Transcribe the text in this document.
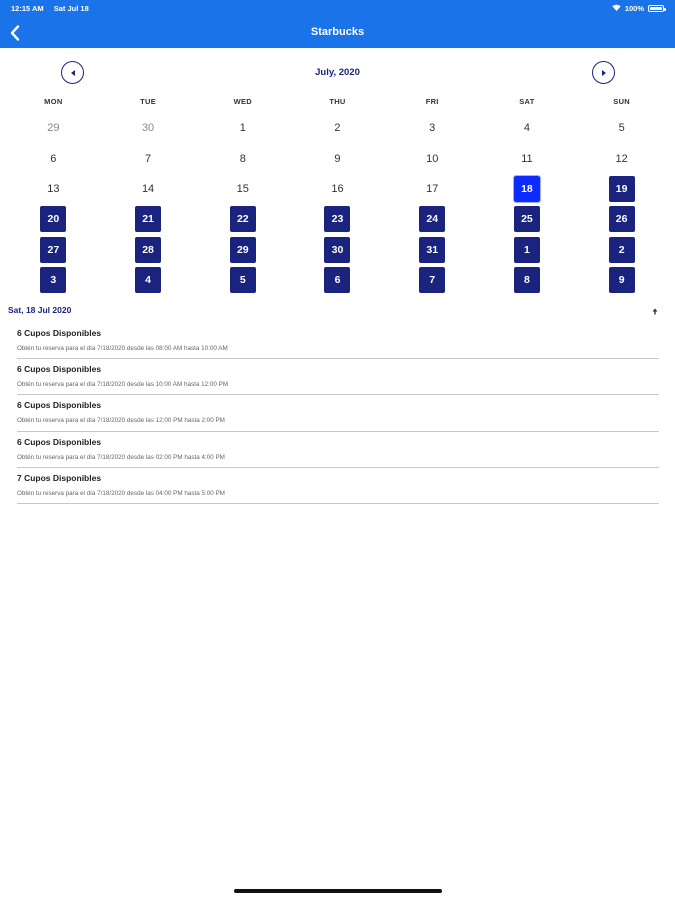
12:15 AM Sat Jul 18	100%
Starbucks
July, 2020
MON	TUE	WED	THU	FRI	SAT	SUN
29	30	1	2	3	4	5
6	7	8	9	10	11	12
13	14	15	16	17	18	19
20	21	22	23	24	25	26
27	28	29	30	31	1	2
3	4	5	6	7	8	9
Sat, 18 Jul 2020
6 Cupos Disponibles
Obtén tu reserva para el día 7/18/2020 desde las 08:00 AM hasta 10:00 AM
6 Cupos Disponibles
Obtén tu reserva para el día 7/18/2020 desde las 10:00 AM hasta 12:00 PM
6 Cupos Disponibles
Obtén tu reserva para el día 7/18/2020 desde las 12:00 PM hasta 2:00 PM
6 Cupos Disponibles
Obtén tu reserva para el día 7/18/2020 desde las 02:00 PM hasta 4:00 PM
7 Cupos Disponibles
Obtén tu reserva para el día 7/18/2020 desde las 04:00 PM hasta 5:00 PM
